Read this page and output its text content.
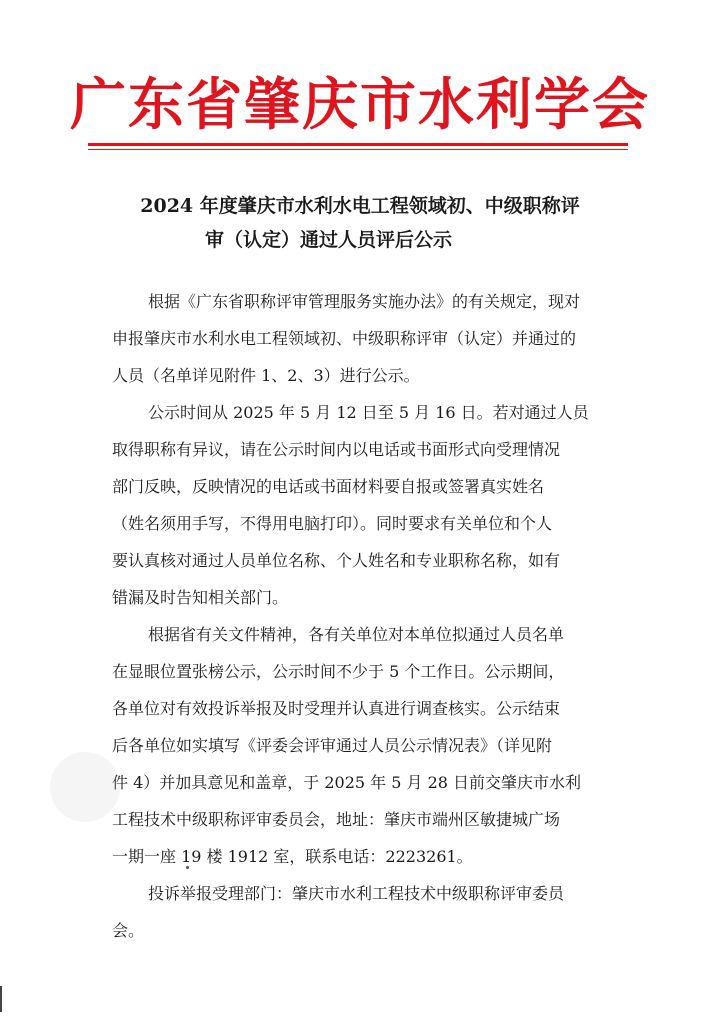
广东省肇庆市水利学会
2024 年度肇庆市水利水电工程领域初、中级职称评
审（认定）通过人员评后公示
根据《广东省职称评审管理服务实施办法》的有关规定，现对
申报肇庆市水利水电工程领域初、中级职称评审（认定）并通过的
人员（名单详见附件 1、2、3）进行公示。
公示时间从 2025 年 5 月 12 日至 5 月 16 日。若对通过人员
取得职称有异议，请在公示时间内以电话或书面形式向受理情况
部门反映，反映情况的电话或书面材料要自报或签署真实姓名
（姓名须用手写，不得用电脑打印）。同时要求有关单位和个人
要认真核对通过人员单位名称、个人姓名和专业职称名称，如有
错漏及时告知相关部门。
根据省有关文件精神，各有关单位对本单位拟通过人员名单
在显眼位置张榜公示，公示时间不少于 5 个工作日。公示期间，
各单位对有效投诉举报及时受理并认真进行调查核实。公示结束
后各单位如实填写《评委会评审通过人员公示情况表》（详见附
件 4）并加具意见和盖章，于 2025 年 5 月 28 日前交肇庆市水利
工程技术中级职称评审委员会，地址：肇庆市端州区敏捷城广场
一期一座 19 楼 1912 室，联系电话：2223261。
投诉举报受理部门：肇庆市水利工程技术中级职称评审委员
会。
